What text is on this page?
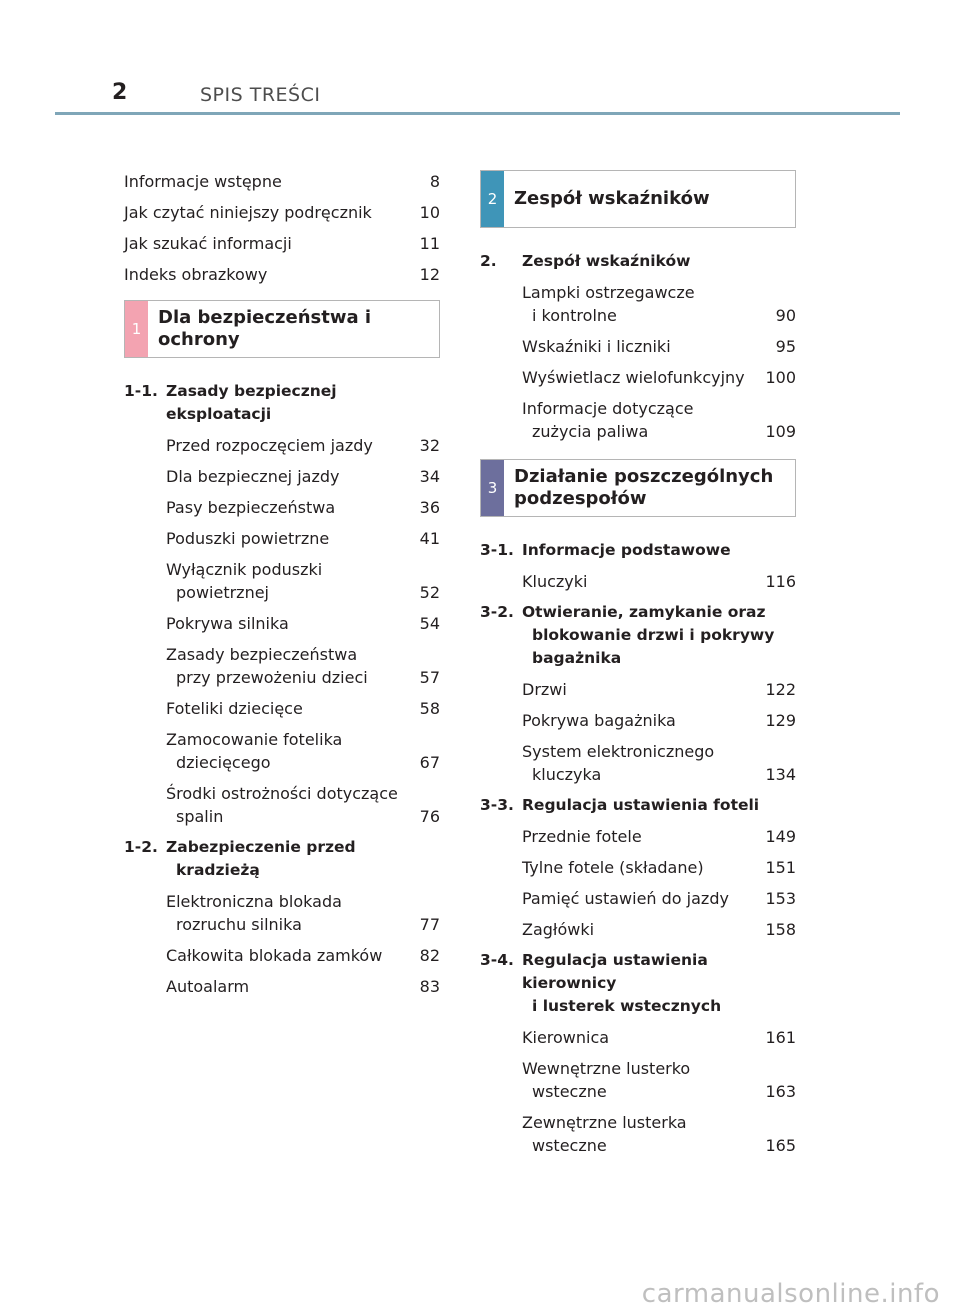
2	SPIS TREŚCI
Informacje wstępne .....	8
Jak czytać niniejszy podręcznik .....	10
Jak szukać informacji .....	11
Indeks obrazkowy .....	12
1
Dla bezpieczeństwa i ochrony
1-1. Zasady bezpiecznej eksploatacji
Przed rozpoczęciem jazdy .....	32
Dla bezpiecznej jazdy .....	34
Pasy bezpieczeństwa .....	36
Poduszki powietrzne .....	41
Wyłącznik poduszki
powietrznej .....	52
Pokrywa silnika .....	54
Zasady bezpieczeństwa
przy przewożeniu dzieci .....	57
Foteliki dziecięce .....	58
Zamocowanie fotelika
dziecięcego .....	67
Środki ostrożności dotyczące
spalin .....	76
1-2. Zabezpieczenie przed
kradzieżą
Elektroniczna blokada
rozruchu silnika .....	77
Całkowita blokada zamków ..... 82
Autoalarm .....	83
2 Zespół wskaźników
2.	Zespół wskaźników
Lampki ostrzegawcze
i kontrolne .....	90
Wskaźniki i liczniki .....	95
Wyświetlacz wielofunkcyjny ..... 100
Informacje dotyczące
zużycia paliwa .....	109
3
Działanie poszczególnych
podzespołów
3-1. Informacje podstawowe
Kluczyki .....	116
3-2. Otwieranie, zamykanie oraz
blokowanie drzwi i pokrywy
bagażnika
Drzwi .....	122
Pokrywa bagażnika .....	129
System elektronicznego
kluczyka .....	134
3-3. Regulacja ustawienia foteli
Przednie fotele .....	149
Tylne fotele (składane) .....	151
Pamięć ustawień do jazdy ..... 153
Zagłówki .....	158
3-4. Regulacja ustawienia kierownicy
i lusterek wstecznych
Kierownica .....	161
Wewnętrzne lusterko
wsteczne .....	163
Zewnętrzne lusterka
wsteczne .....	165
carmanualsonline.info
